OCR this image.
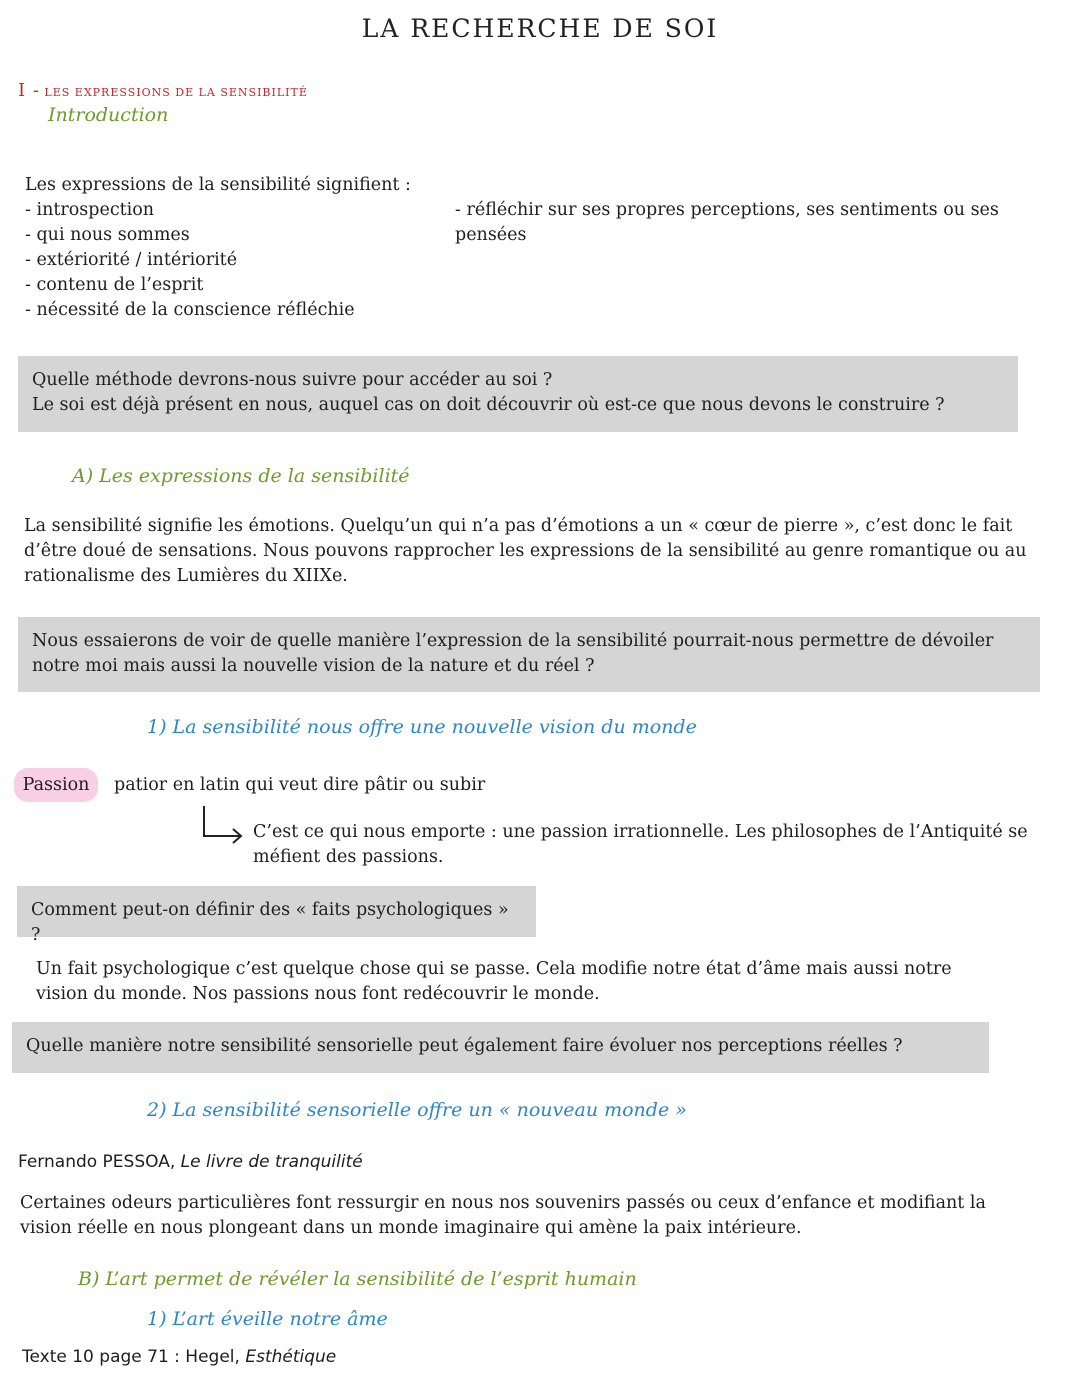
LA RECHERCHE DE SOI
I - LES EXPRESSIONS DE LA SENSIBILITÉ
Introduction
Les expressions de la sensibilité signifient :
- introspection
- qui nous sommes
- extériorité / intériorité
- contenu de l’esprit
- nécessité de la conscience réfléchie
- réfléchir sur ses propres perceptions, ses sentiments ou ses pensées
Quelle méthode devrons-nous suivre pour accéder au soi ?
Le soi est déjà présent en nous, auquel cas on doit découvrir où est-ce que nous devons le construire ?
A) Les expressions de la sensibilité
La sensibilité signifie les émotions. Quelqu’un qui n’a pas d’émotions a un « cœur de pierre », c’est donc le fait d’être doué de sensations. Nous pouvons rapprocher les expressions de la sensibilité au genre romantique ou au rationalisme des Lumières du XIIXe.
Nous essaierons de voir de quelle manière l’expression de la sensibilité pourrait-nous permettre de dévoiler notre moi mais aussi la nouvelle vision de la nature et du réel ?
1) La sensibilité nous offre une nouvelle vision du monde
Passion	patior en latin qui veut dire pâtir ou subir
C’est ce qui nous emporte : une passion irrationnelle. Les philosophes de l’Antiquité se méfient des passions.
Comment peut-on définir des « faits psychologiques » ?
Un fait psychologique c’est quelque chose qui se passe. Cela modifie notre état d’âme mais aussi notre vision du monde. Nos passions nous font redécouvrir le monde.
Quelle manière notre sensibilité sensorielle peut également faire évoluer nos perceptions réelles ?
2) La sensibilité sensorielle offre un « nouveau monde »
Fernando PESSOA, Le livre de tranquilité
Certaines odeurs particulières font ressurgir en nous nos souvenirs passés ou ceux d’enfance et modifiant la vision réelle en nous plongeant dans un monde imaginaire qui amène la paix intérieure.
B) L’art permet de révéler la sensibilité de l’esprit humain
1) L’art éveille notre âme
Texte 10 page 71 : Hegel, Esthétique
